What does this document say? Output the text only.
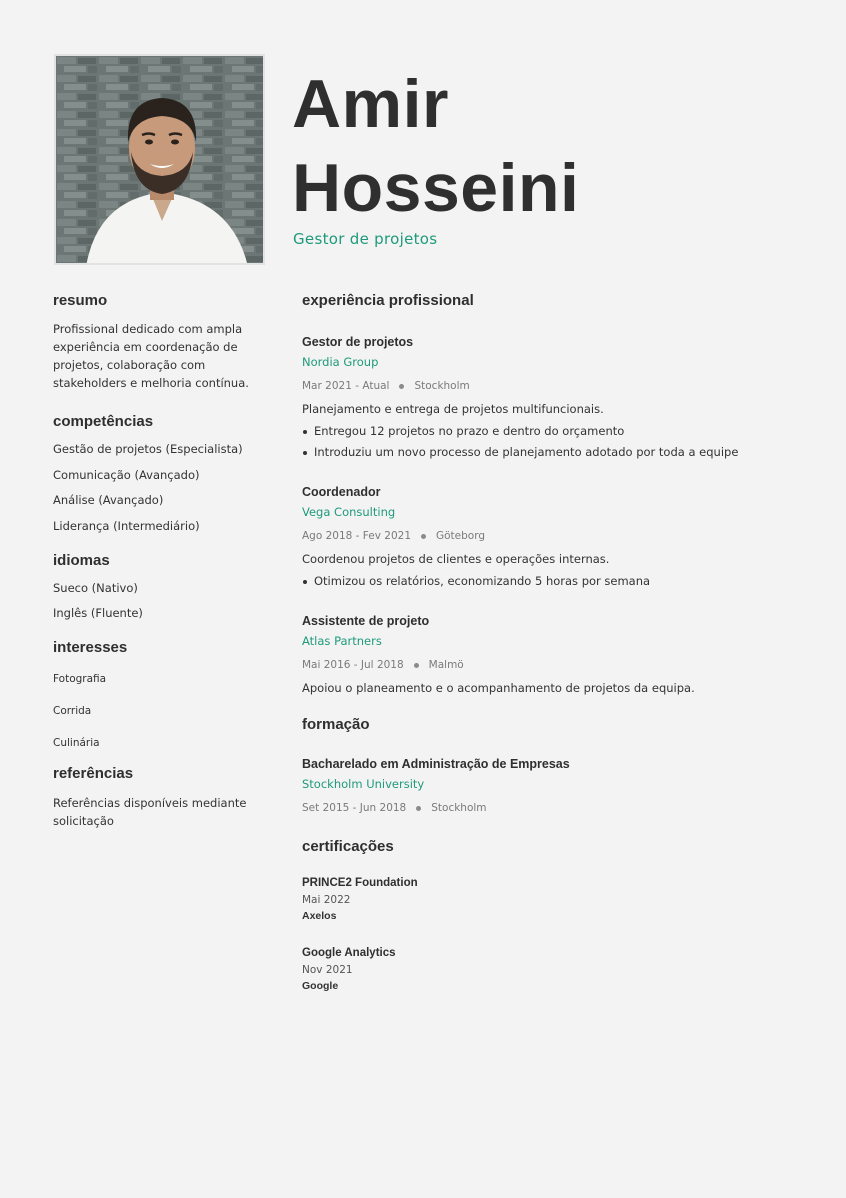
Amir
Hosseini
Gestor de projetos
resumo

Profissional dedicado com ampla experiência em coordenação de projetos, colaboração com stakeholders e melhoria contínua.

competências
Gestão de projetos (Especialista)
Comunicação (Avançado)
Análise (Avançado)
Liderança (Intermediário)
idiomas
Sueco (Nativo)
Inglês (Fluente)
interesses
Fotografia
Corrida
Culinária
referências

Referências disponíveis mediante solicitação

experiência profissional
Gestor de projetos
Nordia Group
Mar 2021 - Atual Stockholm
Planejamento e entrega de projetos multifuncionais.
Entregou 12 projetos no prazo e dentro do orçamento
Introduziu um novo processo de planejamento adotado por toda a equipe
Coordenador
Vega Consulting
Ago 2018 - Fev 2021 Göteborg
Coordenou projetos de clientes e operações internas.
Otimizou os relatórios, economizando 5 horas por semana
Assistente de projeto
Atlas Partners
Mai 2016 - Jul 2018 Malmö
Apoiou o planeamento e o acompanhamento de projetos da equipa.
formação
Bacharelado em Administração de Empresas
Stockholm University
Set 2015 - Jun 2018 Stockholm
certificações
PRINCE2 Foundation
Mai 2022
Axelos
Google Analytics
Nov 2021
Google
